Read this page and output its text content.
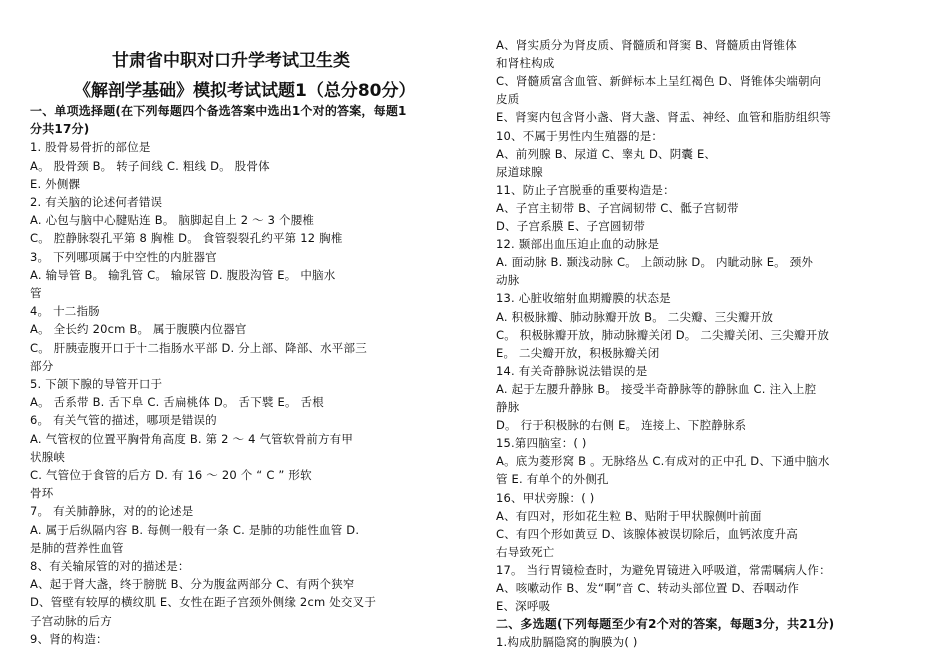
甘肃省中职对口升学考试卫生类
《解剖学基础》模拟考试试题1（总分80分）
一、单项选择题(在下列每题四个备选答案中选出1个对的答案，每题1
分共17分)
1. 股骨易骨折的部位是
A。 股骨颈 B。 转子间线 C. 粗线 D。 股骨体
E. 外侧髁
2. 有关脑的论述何者错误
A. 心包与脑中心腱贴连 B。 脑脚起自上 2 ～ 3 个腰椎
C。 腔静脉裂孔平第 8 胸椎 D。 食管裂裂孔约平第 12 胸椎
3。 下列哪项属于中空性的内脏器官
A. 输导管 B。 输乳管 C。 输尿管 D. 腹股沟管 E。 中脑水
管
4。 十二指肠
A。 全长约 20cm B。 属于腹膜内位器官
C。 肝胰壶腹开口于十二指肠水平部 D. 分上部、降部、水平部三
部分
5. 下颌下腺的导管开口于
A。 舌系带 B. 舌下阜 C. 舌扁桃体 D。 舌下襞 E。 舌根
6。 有关气管的描述，哪项是错误的
A. 气管杈的位置平胸骨角高度 B. 第 2 ～ 4 气管软骨前方有甲
状腺峡
C. 气管位于食管的后方 D. 有 16 ～ 20 个 “ C ” 形软
骨环
7。 有关肺静脉，对的的论述是
A. 属于后纵隔内容 B. 每侧一般有一条 C. 是肺的功能性血管 D.
是肺的营养性血管
8、有关输尿管的对的描述是：
A、起于肾大盏，终于膀胱 B、分为腹盆两部分 C、有两个狭窄
D、管壁有较厚的横纹肌 E、女性在距子宫颈外侧缘 2cm 处交叉于
子宫动脉的后方
9、肾的构造：
A、肾实质分为肾皮质、肾髓质和肾窦 B、肾髓质由肾锥体
和肾柱构成
C、肾髓质富含血管、新鲜标本上呈红褐色 D、肾锥体尖端朝向
皮质
E、肾窦内包含肾小盏、肾大盏、肾盂、神经、血管和脂肪组织等
10、不属于男性内生殖器的是：
A、前列腺 B、尿道 C、睾丸 D、阴囊 E、
尿道球腺
11、防止子宫脱垂的重要构造是：
A、子宫主韧带 B、子宫阔韧带 C、骶子宫韧带
D、子宫系膜 E、子宫圆韧带
12. 颞部出血压迫止血的动脉是
A. 面动脉 B. 颞浅动脉 C。 上颌动脉 D。 内眦动脉 E。 颈外
动脉
13. 心脏收缩射血期瓣膜的状态是
A. 积极脉瓣、肺动脉瓣开放 B。 二尖瓣、三尖瓣开放
C。 积极脉瓣开放，肺动脉瓣关闭 D。 二尖瓣关闭、三尖瓣开放
E。 二尖瓣开放，积极脉瓣关闭
14. 有关奇静脉说法错误的是
A. 起于左腰升静脉 B。 接受半奇静脉等的静脉血 C. 注入上腔
静脉
D。 行于积极脉的右侧 E。 连接上、下腔静脉系
15.第四脑室：( )
A。底为菱形窝 B 。无脉络丛 C.有成对的正中孔 D、下通中脑水
管 E. 有单个的外侧孔
16、甲状旁腺：( )
A、有四对，形如花生粒 B、贴附于甲状腺侧叶前面
C、有四个形如黄豆 D、该腺体被误切除后，血钙浓度升高
右导致死亡
17。 当行胃镜检查时，为避免胃镜进入呼吸道，常需嘱病人作：
A、咳嗽动作 B、发“啊”音 C、转动头部位置 D、吞咽动作
E、深呼吸
二、多选题(下列每题至少有2个对的答案，每题3分，共21分)
1.构成肋膈隐窝的胸膜为( )
